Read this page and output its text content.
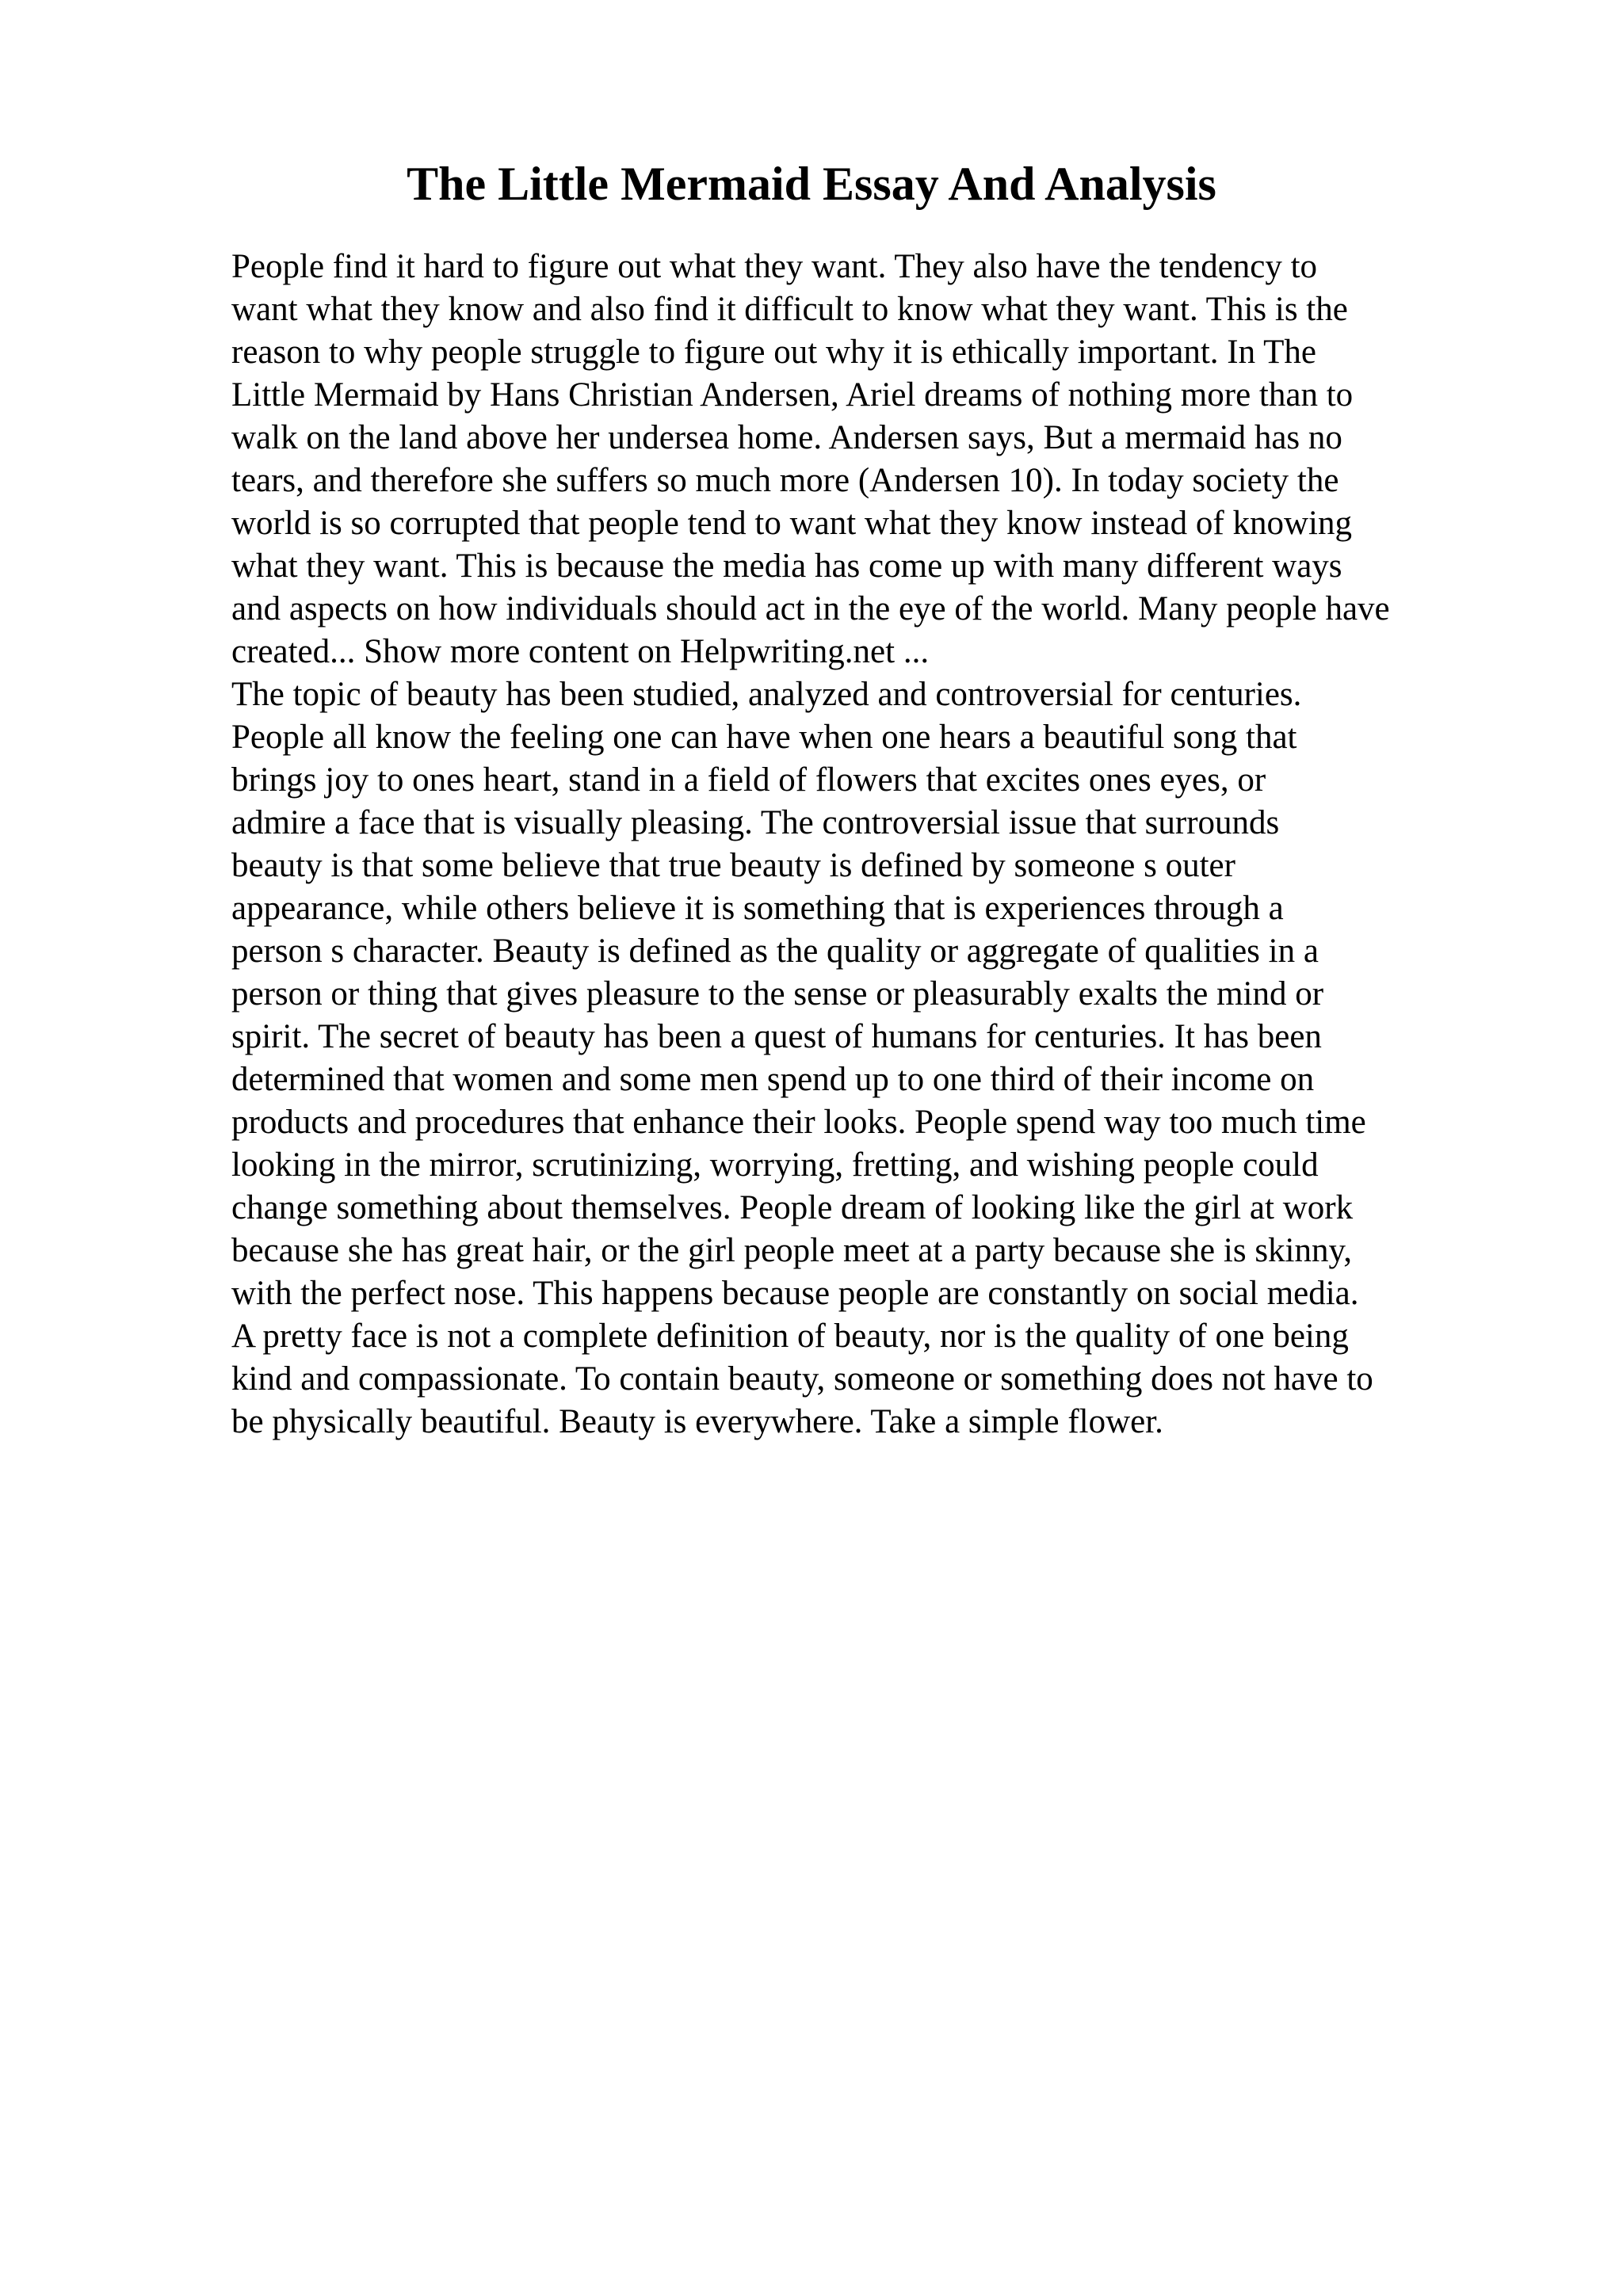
The Little Mermaid Essay And Analysis
People find it hard to figure out what they want. They also have the tendency to
want what they know and also find it difficult to know what they want. This is the
reason to why people struggle to figure out why it is ethically important. In The
Little Mermaid by Hans Christian Andersen, Ariel dreams of nothing more than to
walk on the land above her undersea home. Andersen says, But a mermaid has no
tears, and therefore she suffers so much more (Andersen 10). In today society the
world is so corrupted that people tend to want what they know instead of knowing
what they want. This is because the media has come up with many different ways
and aspects on how individuals should act in the eye of the world. Many people have
created... Show more content on Helpwriting.net ...
The topic of beauty has been studied, analyzed and controversial for centuries.
People all know the feeling one can have when one hears a beautiful song that
brings joy to ones heart, stand in a field of flowers that excites ones eyes, or
admire a face that is visually pleasing. The controversial issue that surrounds
beauty is that some believe that true beauty is defined by someone s outer
appearance, while others believe it is something that is experiences through a
person s character. Beauty is defined as the quality or aggregate of qualities in a
person or thing that gives pleasure to the sense or pleasurably exalts the mind or
spirit. The secret of beauty has been a quest of humans for centuries. It has been
determined that women and some men spend up to one third of their income on
products and procedures that enhance their looks. People spend way too much time
looking in the mirror, scrutinizing, worrying, fretting, and wishing people could
change something about themselves. People dream of looking like the girl at work
because she has great hair, or the girl people meet at a party because she is skinny,
with the perfect nose. This happens because people are constantly on social media.
A pretty face is not a complete definition of beauty, nor is the quality of one being
kind and compassionate. To contain beauty, someone or something does not have to
be physically beautiful. Beauty is everywhere. Take a simple flower.
